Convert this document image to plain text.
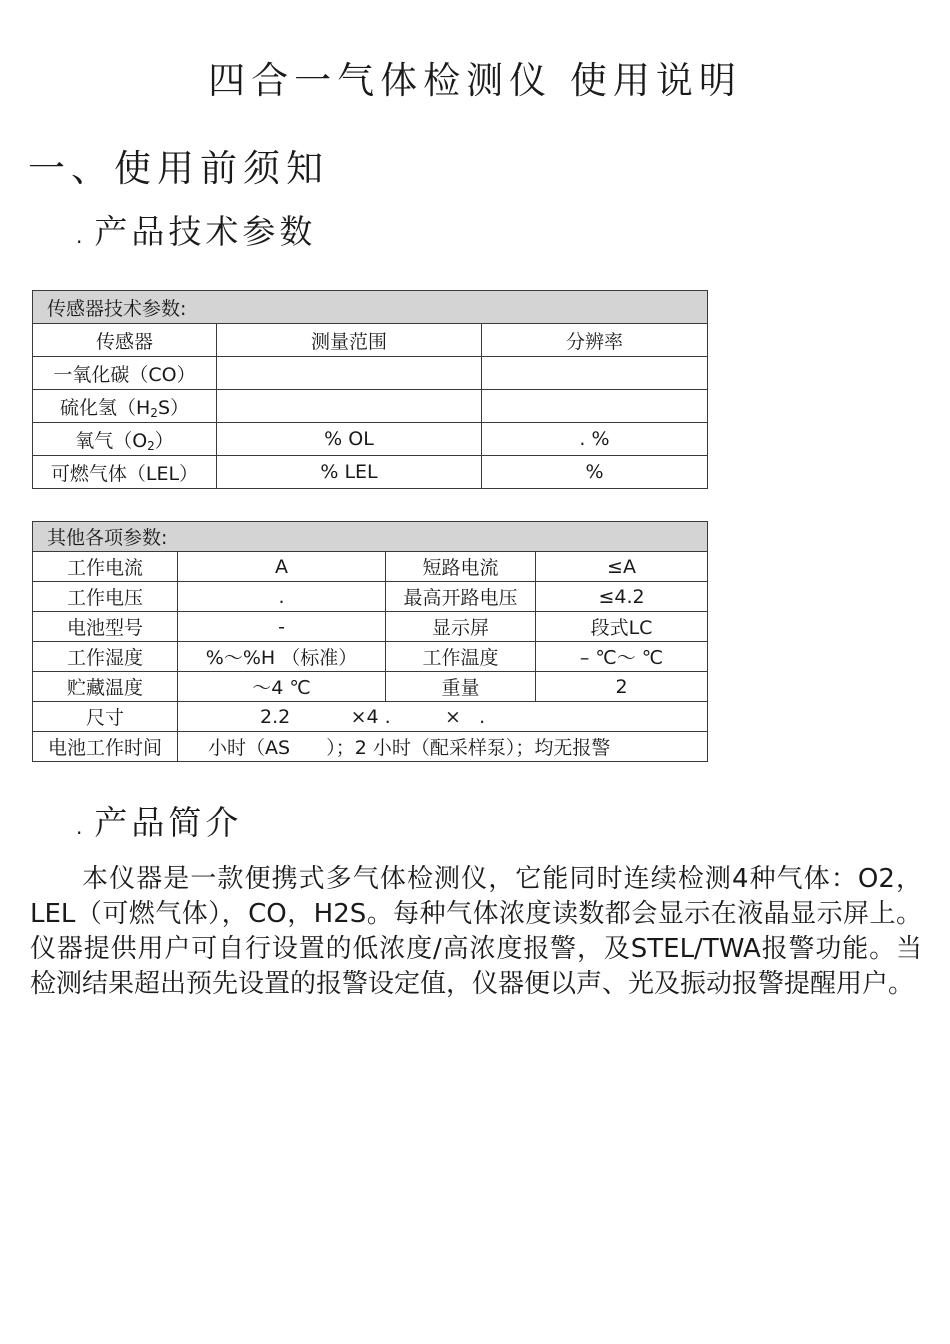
四合一气体检测仪 使用说明
一、使用前须知
. 产品技术参数
传感器技术参数:		
传感器	测量范围	分辨率
一氧化碳（CO）		
硫化氢$(H_2S)$		
氧气$(O_2)$	% OL	. %
可燃气体（LEL）	% LEL	%
其他各项参数:			
工作电流	A	短路电流	≤A
工作电压	.	最高开路电压	≤4.2
电池型号	-	显示屏	段式LC
工作湿度	%～%H （标准）	工作温度	– ℃～ ℃
贮藏温度	～4 ℃	重量	2
尺寸	2.2          ×4 .         ×   .		
电池工作时间	小时（AS      ）；2 小时（配采样泵）；均无报警		
. 产品简介

本仪器是一款便携式多气体检测仪，它能同时连续检测4种气体：O2，LEL（可燃气体），CO，H2S。每种气体浓度读数都会显示在液晶显示屏上。仪器提供用户可自行设置的低浓度/高浓度报警，及STEL/TWA报警功能。当检测结果超出预先设置的报警设定值，仪器便以声、光及振动报警提醒用户。
